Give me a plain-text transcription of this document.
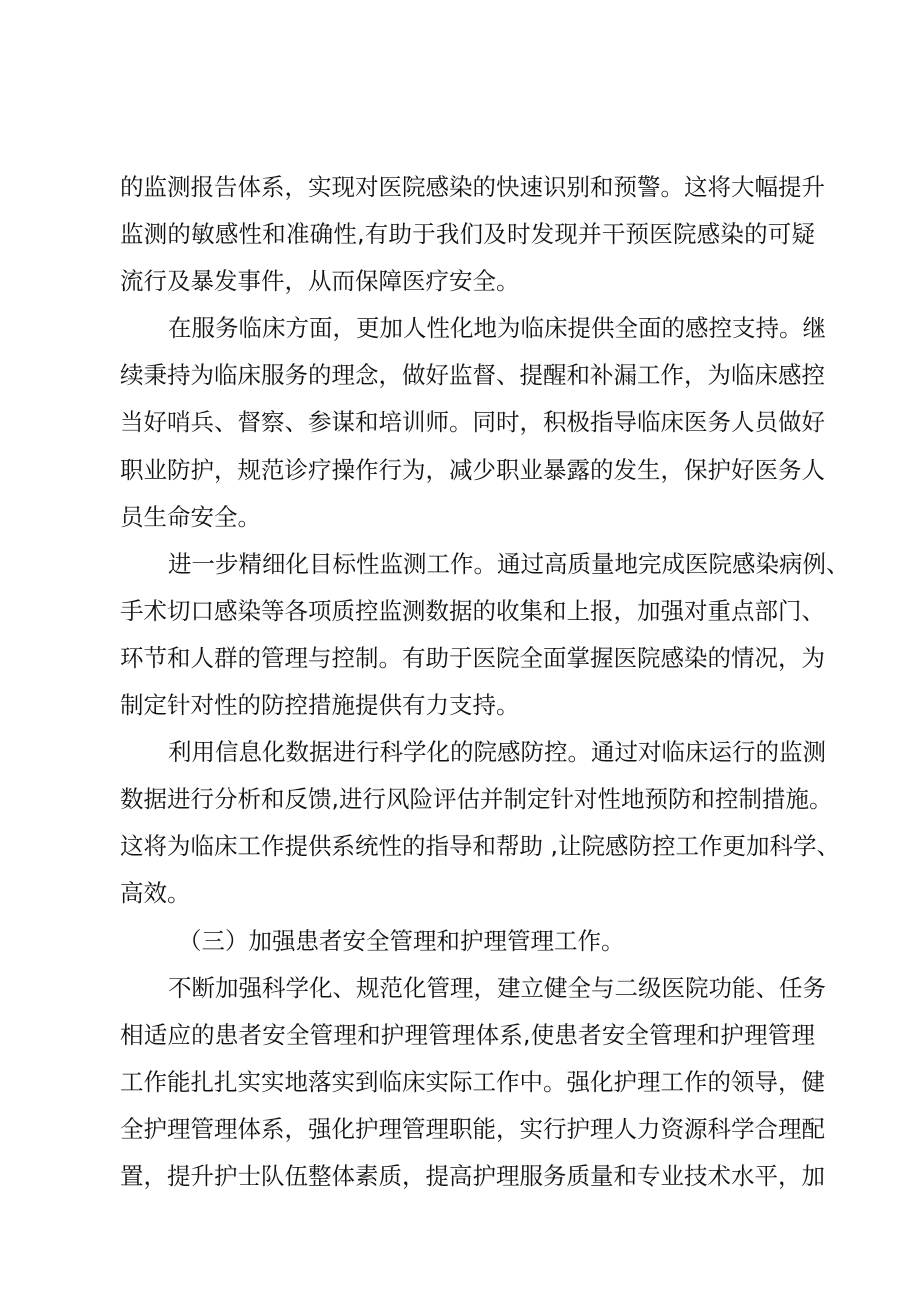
的监测报告体系，实现对医院感染的快速识别和预警。这将大幅提升
监测的敏感性和准确性,有助于我们及时发现并干预医院感染的可疑
流行及暴发事件，从而保障医疗安全。
在服务临床方面，更加人性化地为临床提供全面的感控支持。继
续秉持为临床服务的理念，做好监督、提醒和补漏工作，为临床感控
当好哨兵、督察、参谋和培训师。同时，积极指导临床医务人员做好
职业防护，规范诊疗操作行为，减少职业暴露的发生，保护好医务人
员生命安全。
进一步精细化目标性监测工作。通过高质量地完成医院感染病例、
手术切口感染等各项质控监测数据的收集和上报，加强对重点部门、
环节和人群的管理与控制。有助于医院全面掌握医院感染的情况，为
制定针对性的防控措施提供有力支持。
利用信息化数据进行科学化的院感防控。通过对临床运行的监测
数据进行分析和反馈,进行风险评估并制定针对性地预防和控制措施。
这将为临床工作提供系统性的指导和帮助 ,让院感防控工作更加科学、
高效。
（三）加强患者安全管理和护理管理工作。
不断加强科学化、规范化管理，建立健全与二级医院功能、任务
相适应的患者安全管理和护理管理体系,使患者安全管理和护理管理
工作能扎扎实实地落实到临床实际工作中。强化护理工作的领导，健
全护理管理体系，强化护理管理职能，实行护理人力资源科学合理配
置，提升护士队伍整体素质，提高护理服务质量和专业技术水平，加
